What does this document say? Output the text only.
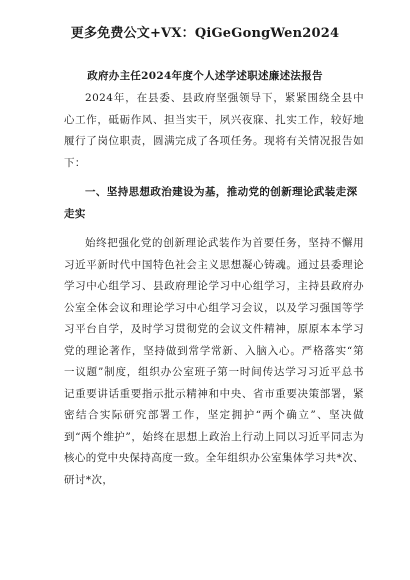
更多免费公文+VX：QiGeGongWen2024
政府办主任2024年度个人述学述职述廉述法报告

2024年，在县委、县政府坚强领导下，紧紧围绕全县中心工作，砥砺作风、担当实干，夙兴夜寐、扎实工作，较好地履行了岗位职责，圆满完成了各项任务。现将有关情况报告如下：

一、坚持思想政治建设为基，推动党的创新理论武装走深走实

始终把强化党的创新理论武装作为首要任务，坚持不懈用习近平新时代中国特色社会主义思想凝心铸魂。通过县委理论学习中心组学习、县政府理论学习中心组学习，主持县政府办公室全体会议和理论学习中心组学习会议，以及学习强国等学习平台自学，及时学习贯彻党的会议文件精神，原原本本学习党的理论著作，坚持做到常学常新、入脑入心。严格落实“第一议题”制度，组织办公室班子第一时间传达学习习近平总书记重要讲话重要指示批示精神和中央、省市重要决策部署，紧密结合实际研究部署工作，坚定拥护“两个确立”、坚决做到“两个维护”，始终在思想上政治上行动上同以习近平同志为核心的党中央保持高度一致。全年组织办公室集体学习共*次、研讨*次，
